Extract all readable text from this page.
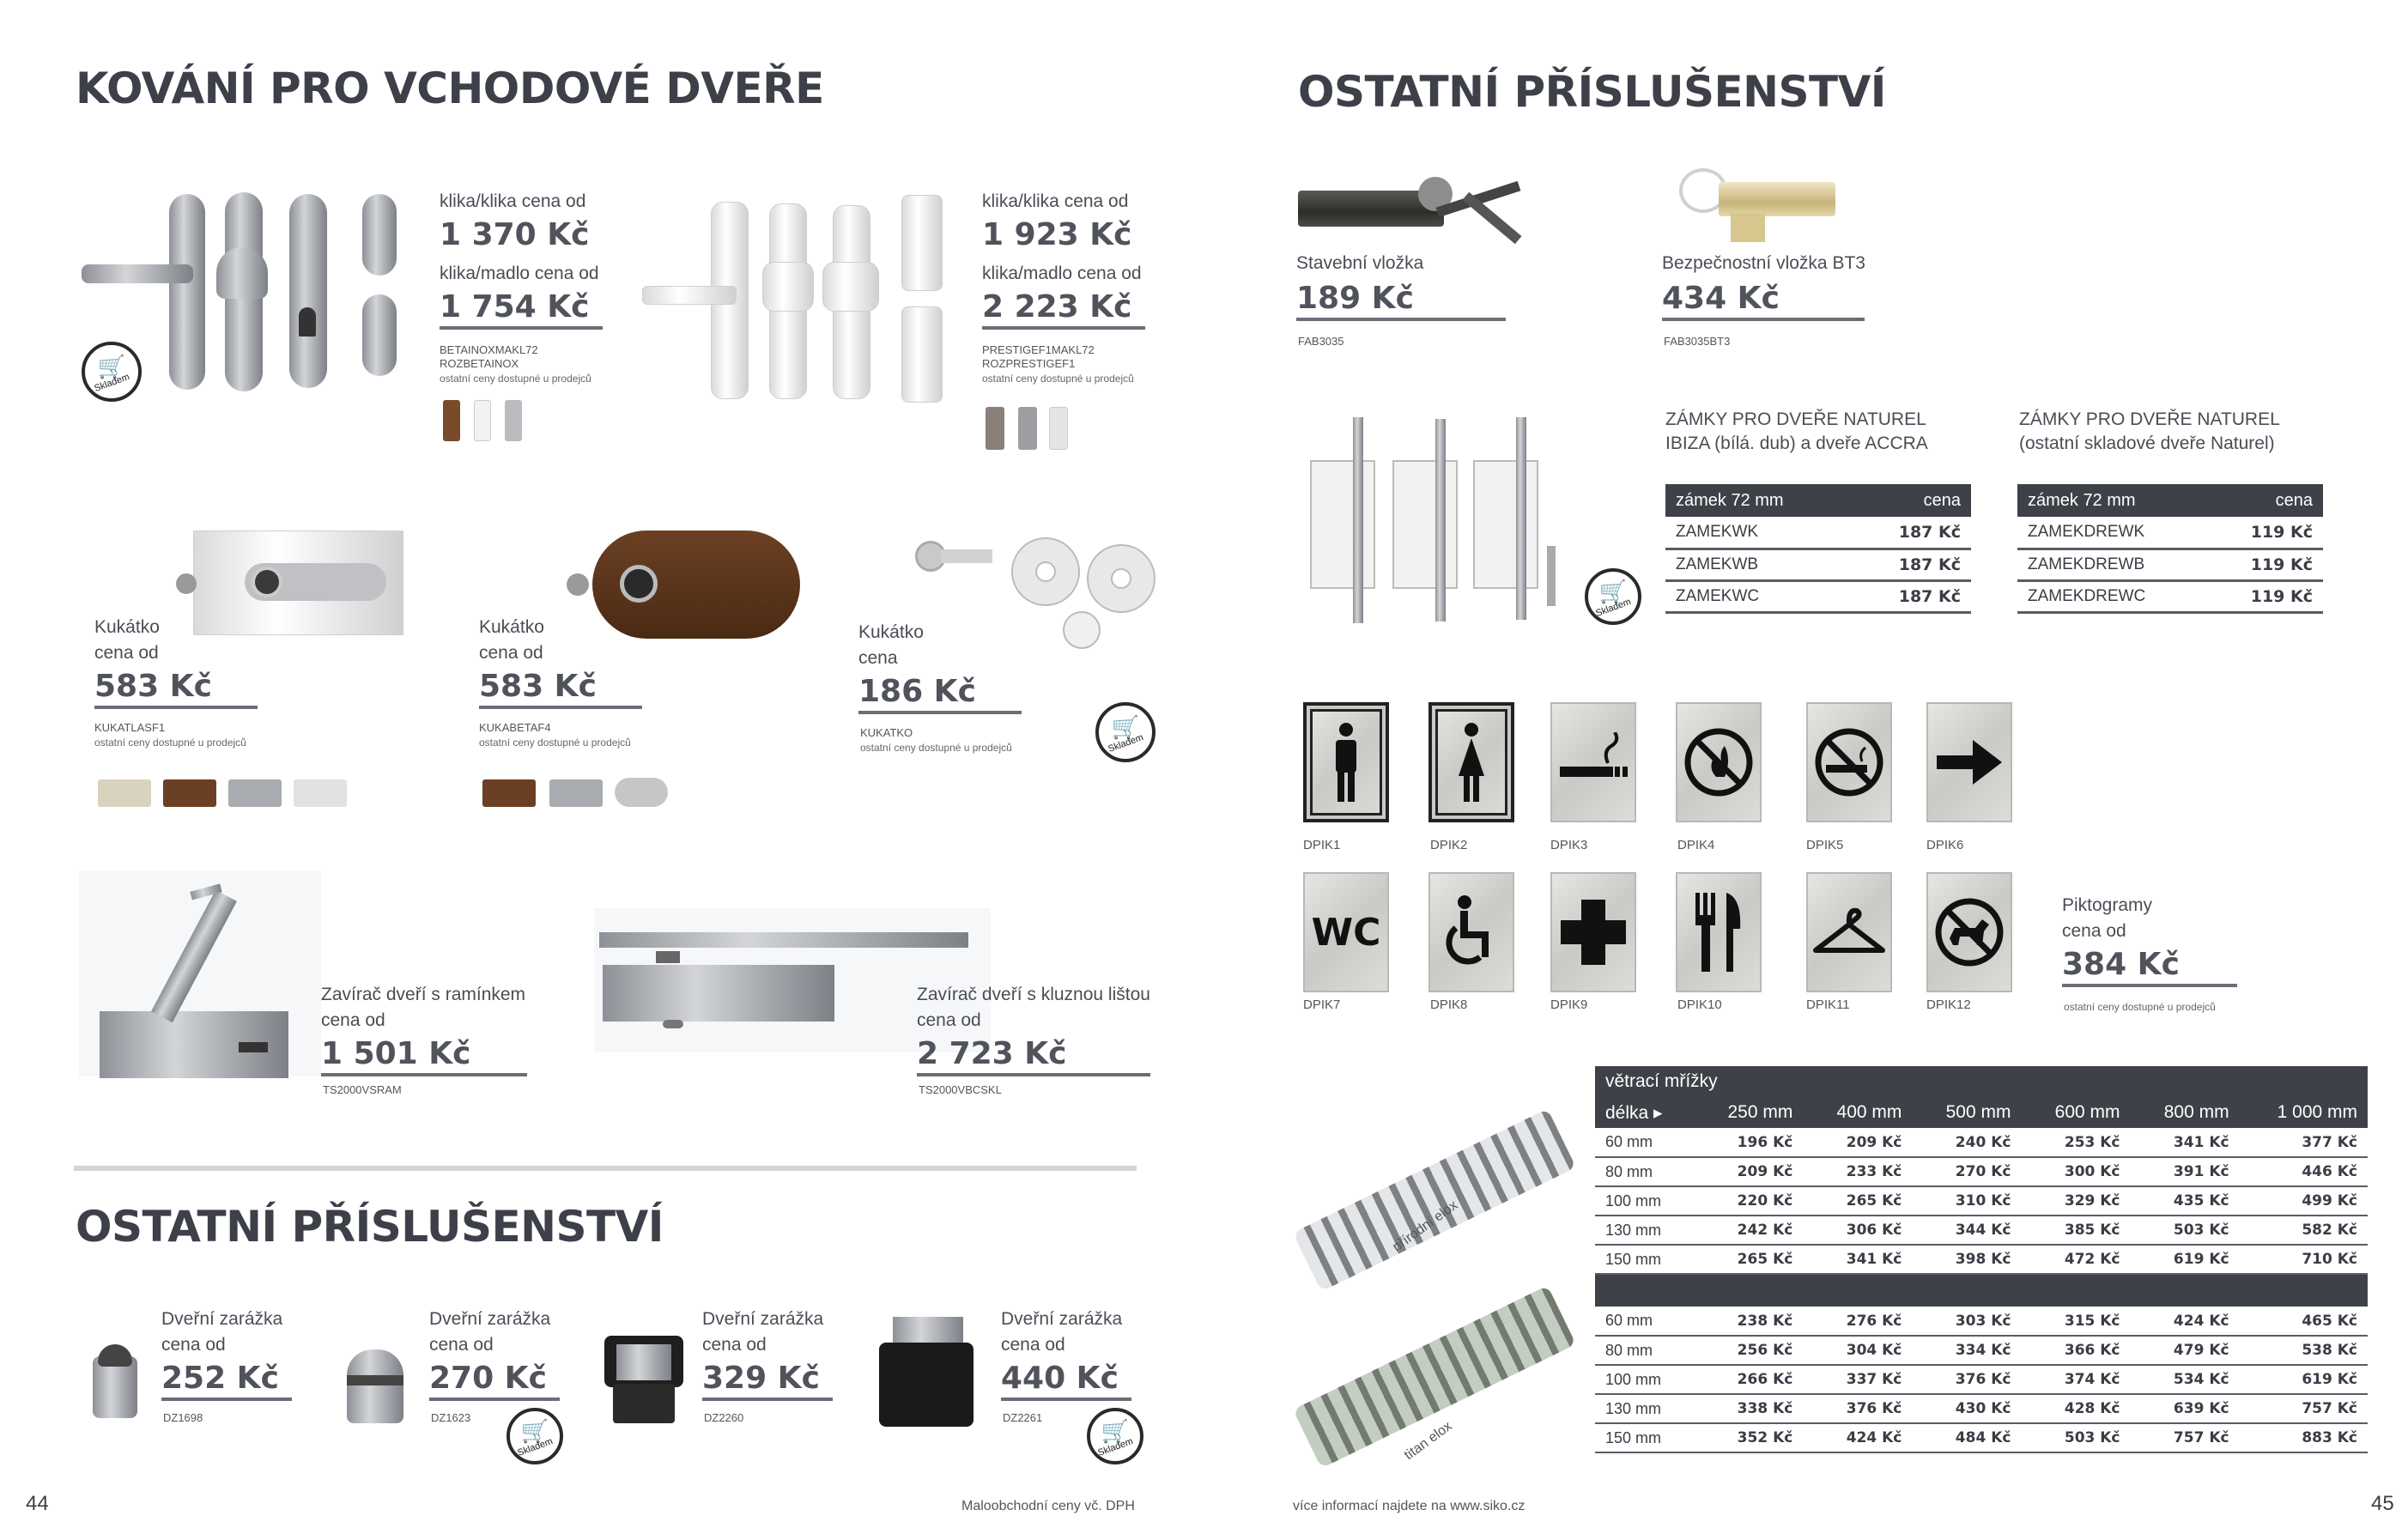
KOVÁNÍ PRO VCHODOVÉ DVEŘE
🛒
Skladem
klika/klika cena od
1 370 Kč
klika/madlo cena od
1 754 Kč
BETAINOXMAKL72
ROZBETAINOX
ostatní ceny dostupné u prodejců
klika/klika cena od
1 923 Kč
klika/madlo cena od
2 223 Kč
PRESTIGEF1MAKL72
ROZPRESTIGEF1
ostatní ceny dostupné u prodejců
Kukátko
cena od
583 Kč
KUKATLASF1
ostatní ceny dostupné u prodejců
Kukátko
cena od
583 Kč
KUKABETAF4
ostatní ceny dostupné u prodejců
Kukátko
cena
186 Kč
KUKATKO
ostatní ceny dostupné u prodejců
🛒
Skladem
Zavírač dveří s ramínkem
cena od
1 501 Kč
TS2000VSRAM
Zavírač dveří s kluznou lištou
cena od
2 723 Kč
TS2000VBCSKL
OSTATNÍ PŘÍSLUŠENSTVÍ
Dveřní zarážka
cena od
252 Kč
DZ1698
Dveřní zarážka
cena od
270 Kč
DZ1623
🛒
Skladem
Dveřní zarážka
cena od
329 Kč
DZ2260
Dveřní zarážka
cena od
440 Kč
DZ2261
🛒
Skladem
44	Maloobchodní ceny vč. DPH
OSTATNÍ PŘÍSLUŠENSTVÍ
Stavební vložka
189 Kč
FAB3035
Bezpečnostní vložka BT3
434 Kč
FAB3035BT3
🛒
Skladem
ZÁMKY PRO DVEŘE NATUREL
IBIZA (bílá. dub) a dveře ACCRA
zámek 72 mm	cena
ZAMEKWK	187 Kč
ZAMEKWB	187 Kč
ZAMEKWC	187 Kč
ZÁMKY PRO DVEŘE NATUREL
(ostatní skladové dveře Naturel)
zámek 72 mm	cena
ZAMEKDREWK	119 Kč
ZAMEKDREWB	119 Kč
ZAMEKDREWC	119 Kč
DPIK1	DPIK2	DPIK3	DPIK4	DPIK5	DPIK6
WC
DPIK7	DPIK8	DPIK9	DPIK10	DPIK11	DPIK12
Piktogramy
cena od
384 Kč
ostatní ceny dostupné u prodejců
přírodní elox
titan elox
větrací mřížky						
délka ▸	250 mm	400 mm	500 mm	600 mm	800 mm	1 000 mm
60 mm	196 Kč	209 Kč	240 Kč	253 Kč	341 Kč	377 Kč
80 mm	209 Kč	233 Kč	270 Kč	300 Kč	391 Kč	446 Kč
100 mm	220 Kč	265 Kč	310 Kč	329 Kč	435 Kč	499 Kč
130 mm	242 Kč	306 Kč	344 Kč	385 Kč	503 Kč	582 Kč
150 mm	265 Kč	341 Kč	398 Kč	472 Kč	619 Kč	710 Kč

60 mm	238 Kč	276 Kč	303 Kč	315 Kč	424 Kč	465 Kč
80 mm	256 Kč	304 Kč	334 Kč	366 Kč	479 Kč	538 Kč
100 mm	266 Kč	337 Kč	376 Kč	374 Kč	534 Kč	619 Kč
130 mm	338 Kč	376 Kč	430 Kč	428 Kč	639 Kč	757 Kč
150 mm	352 Kč	424 Kč	484 Kč	503 Kč	757 Kč	883 Kč
více informací najdete na www.siko.cz	45
